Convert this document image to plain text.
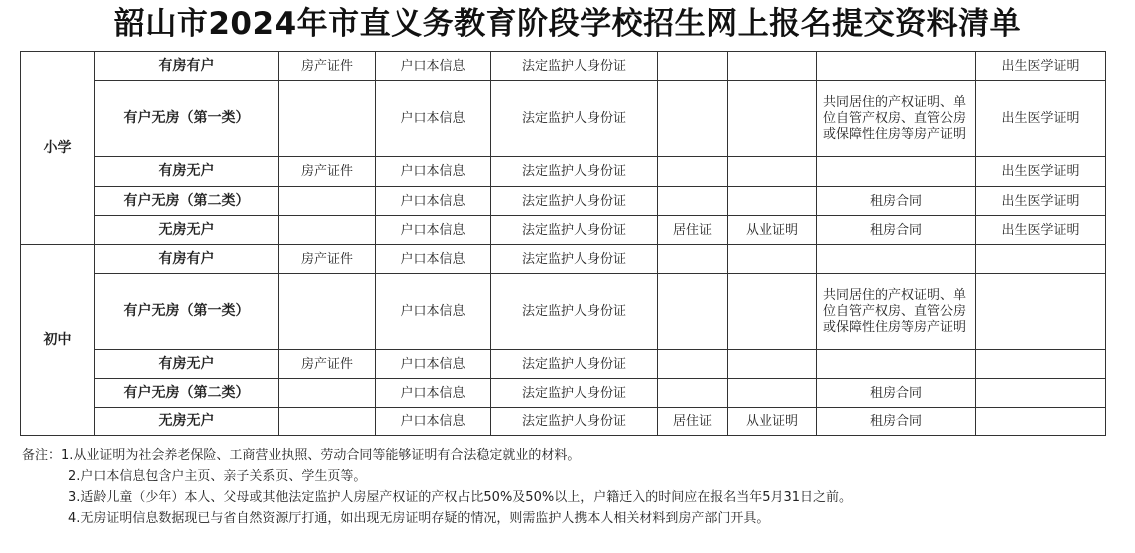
韶山市2024年市直义务教育阶段学校招生网上报名提交资料清单
小学	有房有户	房产证件	户口本信息	法定监护人身份证				出生医学证明
	有户无房（第一类）		户口本信息	法定监护人身份证			共同居住的产权证明、单位自管产权房、直管公房或保障性住房等房产证明	出生医学证明
	有房无户	房产证件	户口本信息	法定监护人身份证				出生医学证明
	有户无房（第二类）		户口本信息	法定监护人身份证			租房合同	出生医学证明
	无房无户		户口本信息	法定监护人身份证	居住证	从业证明	租房合同	出生医学证明
初中	有房有户	房产证件	户口本信息	法定监护人身份证				
	有户无房（第一类）		户口本信息	法定监护人身份证			共同居住的产权证明、单位自管产权房、直管公房或保障性住房等房产证明	
	有房无户	房产证件	户口本信息	法定监护人身份证				
	有户无房（第二类）		户口本信息	法定监护人身份证			租房合同	
	无房无户		户口本信息	法定监护人身份证	居住证	从业证明	租房合同	
备注：1.从业证明为社会养老保险、工商营业执照、劳动合同等能够证明有合法稳定就业的材料。
2.户口本信息包含户主页、亲子关系页、学生页等。
3.适龄儿童（少年）本人、父母或其他法定监护人房屋产权证的产权占比50%及50%以上，户籍迁入的时间应在报名当年5月31日之前。
4.无房证明信息数据现已与省自然资源厅打通，如出现无房证明存疑的情况，则需监护人携本人相关材料到房产部门开具。
